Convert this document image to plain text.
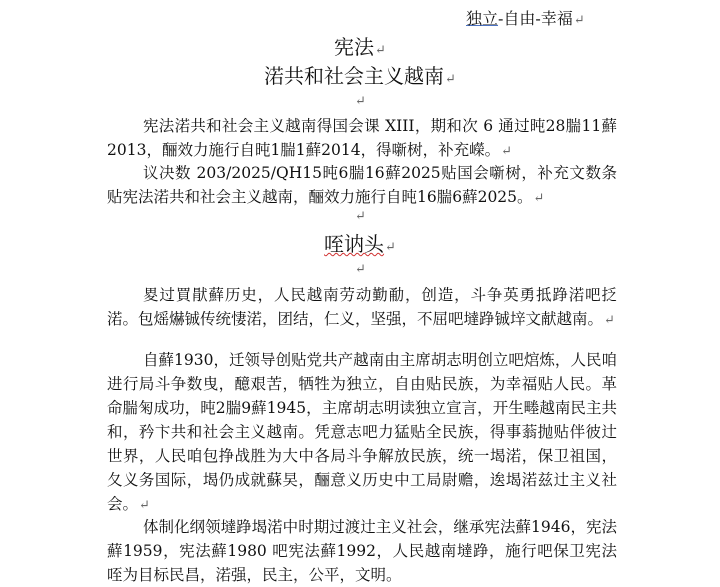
独立-自由-幸福↵
宪法↵
渃共和社会主义越南↵
↵

宪法渃共和社会主义越南得国会课 XIII，期和次 6 通过旽28腨11蘚2013，酾效力施行自旽1腨1蘚2014，得噺树，补充嶸。↵

议决数 203/2025/QH15旽6腨16蘚2025贴国会噺树，补充文数条贴宪法渃共和社会主义越南，酾效力施行自旽16腨6蘚2025。↵

↵
咥讷头↵
↵

畟过買猒蘚历史，人民越南劳动勤勈，创造，斗争英勇抵踭渃吧抸渃。包熎爀铖传统悽渃，团结，仁义，坚强，不屈吧墶踭铖垶文献越南。↵

自蘚1930，迁领导创贴党共产越南由主席胡志明创立吧熍炼，人民咱进行局斗争数曳，醷艰苦，牺牲为独立，自由贴民族，为幸福贴人民。革命腨匊成功，旽2腨9蘚1945，主席胡志明读独立宣言，开生畻越南民主共和，矜卞共和社会主义越南。凭意志吧力猛贴全民族，得事蓊抛贴伴彼辻世界，人民咱包挣战胜为大中各局斗争解放民族，统一堨渃，保卫祖国，夂义务国际，堨仍成就蘇旲，酾意义历史中工局尉赡，逘堨渃兹辻主义社会。↵

体制化纲领墶踭堨渃中时期过渡辻主义社会，继承宪法蘚1946，宪法蘚1959，宪法蘚1980 吧宪法蘚1992，人民越南墶踭，施行吧保卫宪法咥为目标民昌，渃强，民主，公平，文明。
